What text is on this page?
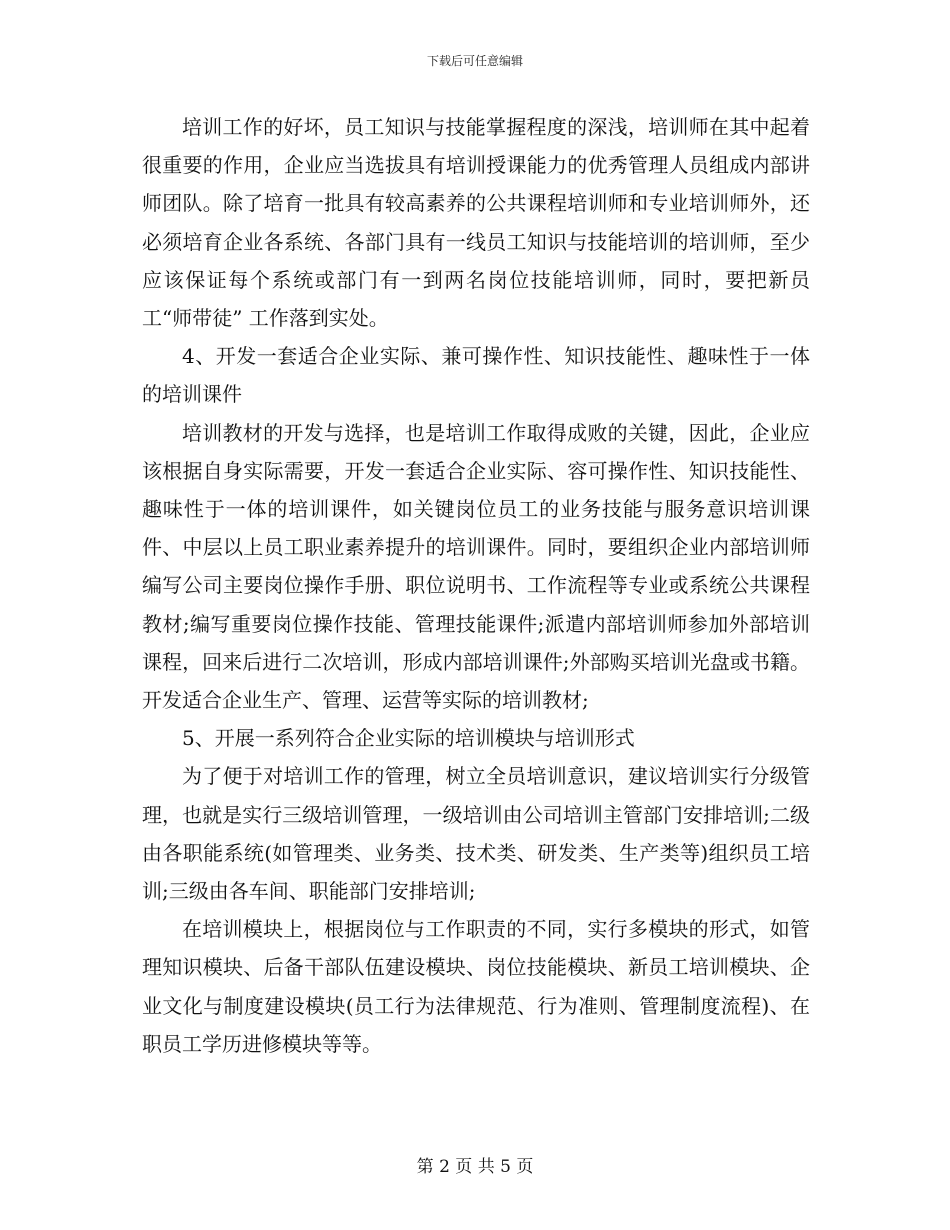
下载后可任意编辑

培训工作的好坏，员工知识与技能掌握程度的深浅，培训师在其中起着很重要的作用，企业应当选拔具有培训授课能力的优秀管理人员组成内部讲师团队。除了培育一批具有较高素养的公共课程培训师和专业培训师外，还必须培育企业各系统、各部门具有一线员工知识与技能培训的培训师，至少应该保证每个系统或部门有一到两名岗位技能培训师，同时，要把新员工“师带徒” 工作落到实处。

4、开发一套适合企业实际、兼可操作性、知识技能性、趣味性于一体的培训课件

培训教材的开发与选择，也是培训工作取得成败的关键，因此，企业应该根据自身实际需要，开发一套适合企业实际、容可操作性、知识技能性、趣味性于一体的培训课件，如关键岗位员工的业务技能与服务意识培训课件、中层以上员工职业素养提升的培训课件。同时，要组织企业内部培训师编写公司主要岗位操作手册、职位说明书、工作流程等专业或系统公共课程教材;编写重要岗位操作技能、管理技能课件;派遣内部培训师参加外部培训课程，回来后进行二次培训，形成内部培训课件;外部购买培训光盘或书籍。开发适合企业生产、管理、运营等实际的培训教材;

5、开展一系列符合企业实际的培训模块与培训形式

为了便于对培训工作的管理，树立全员培训意识，建议培训实行分级管理，也就是实行三级培训管理，一级培训由公司培训主管部门安排培训;二级由各职能系统(如管理类、业务类、技术类、研发类、生产类等)组织员工培训;三级由各车间、职能部门安排培训;

在培训模块上，根据岗位与工作职责的不同，实行多模块的形式，如管理知识模块、后备干部队伍建设模块、岗位技能模块、新员工培训模块、企业文化与制度建设模块(员工行为法律规范、行为准则、管理制度流程)、在职员工学历进修模块等等。

第 2 页 共 5 页
